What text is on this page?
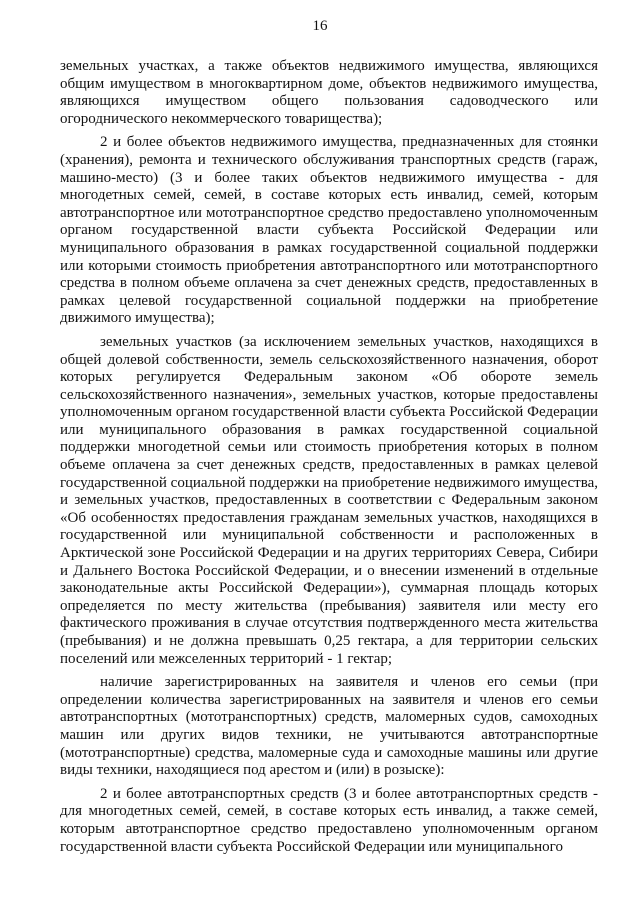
16

земельных участках, а также объектов недвижимого имущества, являющихся общим имуществом в многоквартирном доме, объектов недвижимого имущества, являющихся имуществом общего пользования садоводческого или огороднического некоммерческого товарищества);

2 и более объектов недвижимого имущества, предназначенных для стоянки (хранения), ремонта и технического обслуживания транспортных средств (гараж, машино-место) (3 и более таких объектов недвижимого имущества - для многодетных семей, семей, в составе которых есть инвалид, семей, которым автотранспортное или мототранспортное средство предоставлено уполномоченным органом государственной власти субъекта Российской Федерации или муниципального образования в рамках государственной социальной поддержки или которыми стоимость приобретения автотранспортного или мототранспортного средства в полном объеме оплачена за счет денежных средств, предоставленных в рамках целевой государственной социальной поддержки на приобретение движимого имущества);

земельных участков (за исключением земельных участков, находящихся в общей долевой собственности, земель сельскохозяйственного назначения, оборот которых регулируется Федеральным законом «Об обороте земель сельскохозяйственного назначения», земельных участков, которые предоставлены уполномоченным органом государственной власти субъекта Российской Федерации или муниципального образования в рамках государственной социальной поддержки многодетной семьи или стоимость приобретения которых в полном объеме оплачена за счет денежных средств, предоставленных в рамках целевой государственной социальной поддержки на приобретение недвижимого имущества, и земельных участков, предоставленных в соответствии с Федеральным законом «Об особенностях предоставления гражданам земельных участков, находящихся в государственной или муниципальной собственности и расположенных в Арктической зоне Российской Федерации и на других территориях Севера, Сибири и Дальнего Востока Российской Федерации, и о внесении изменений в отдельные законодательные акты Российской Федерации»), суммарная площадь которых определяется по месту жительства (пребывания) заявителя или месту его фактического проживания в случае отсутствия подтвержденного места жительства (пребывания) и не должна превышать 0,25 гектара, а для территории сельских поселений или межселенных территорий - 1 гектар;

наличие зарегистрированных на заявителя и членов его семьи (при определении количества зарегистрированных на заявителя и членов его семьи автотранспортных (мототранспортных) средств, маломерных судов, самоходных машин или других видов техники, не учитываются автотранспортные (мототранспортные) средства, маломерные суда и самоходные машины или другие виды техники, находящиеся под арестом и (или) в розыске):

2 и более автотранспортных средств (3 и более автотранспортных средств - для многодетных семей, семей, в составе которых есть инвалид, а также семей, которым автотранспортное средство предоставлено уполномоченным органом государственной власти субъекта Российской Федерации или муниципального
